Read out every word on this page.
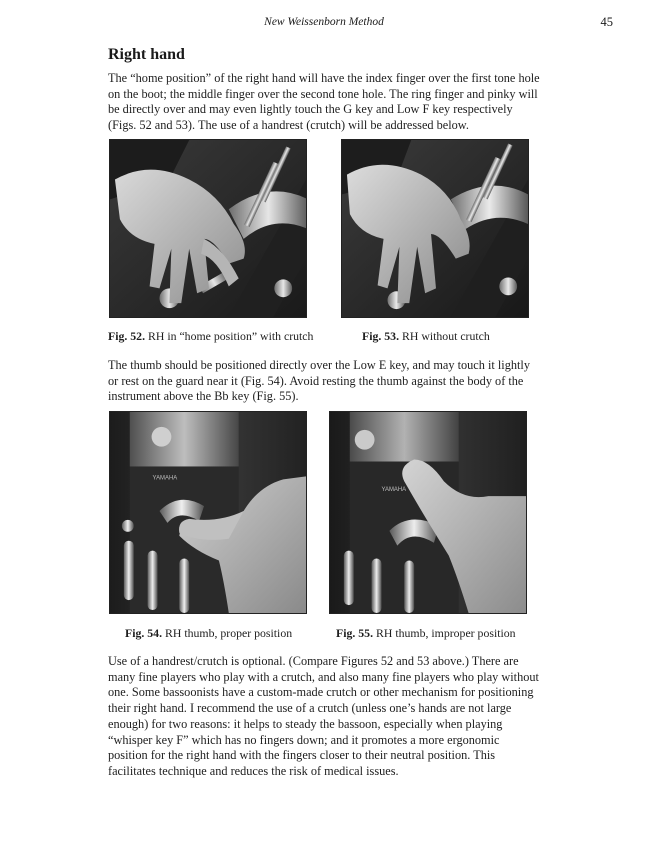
New Weissenborn Method	45
Right hand

The “home position” of the right hand will have the index finger over the first tone hole on the boot; the middle finger over the second tone hole. The ring finger and pinky will be directly over and may even lightly touch the G key and Low F key respectively (Figs. 52 and 53). The use of a handrest (crutch) will be addressed below.

Fig. 52. RH in “home position” with crutch	Fig. 53. RH without crutch

The thumb should be positioned directly over the Low E key, and may touch it lightly or rest on the guard near it (Fig. 54). Avoid resting the thumb against the body of the instrument above the Bb key (Fig. 55).

YAMAHA
YAMAHA
Fig. 54. RH thumb, proper position	Fig. 55. RH thumb, improper position

Use of a handrest/crutch is optional. (Compare Figures 52 and 53 above.) There are many fine players who play with a crutch, and also many fine players who play without one. Some bassoonists have a custom-made crutch or other mechanism for positioning their right hand. I recommend the use of a crutch (unless one’s hands are not large enough) for two reasons: it helps to steady the bassoon, especially when playing “whisper key F” which has no fingers down; and it promotes a more ergonomic position for the right hand with the fingers closer to their neutral position. This facilitates technique and reduces the risk of medical issues.
